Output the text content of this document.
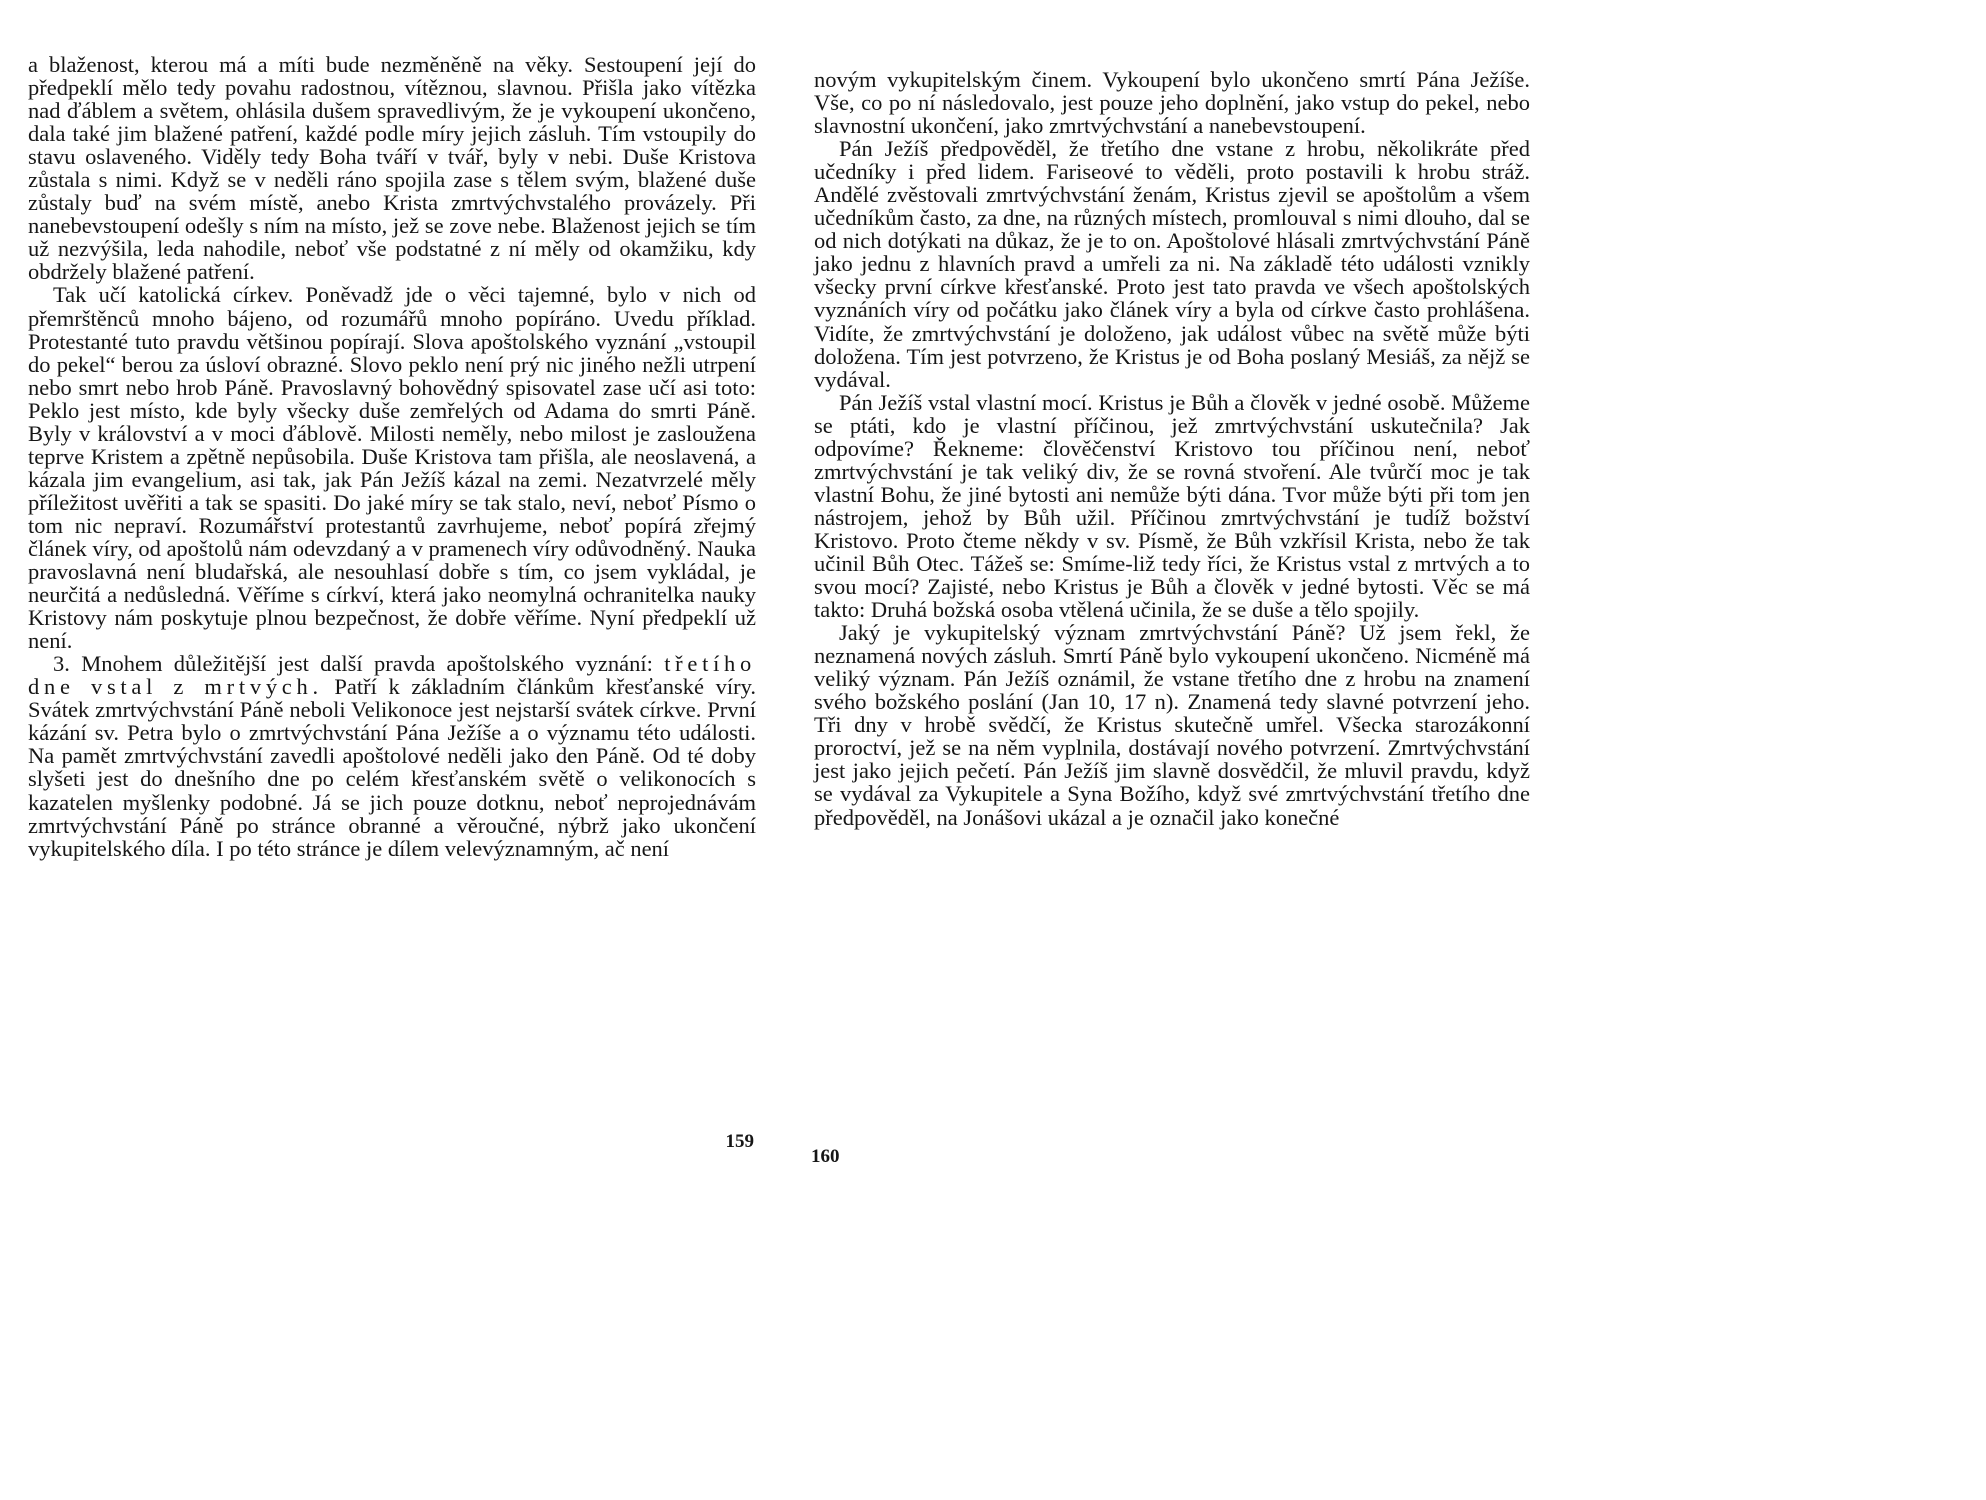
a blaženost, kterou má a míti bude nezměněně na věky. Sestoupení její do předpeklí mělo tedy povahu radostnou, vítěznou, slavnou. Přišla jako vítězka nad ďáblem a světem, ohlásila dušem spravedlivým, že je vykoupení ukončeno, dala také jim blažené patření, každé podle míry jejich zásluh. Tím vstoupily do stavu oslaveného. Viděly tedy Boha tváří v tvář, byly v nebi. Duše Kristova zůstala s nimi. Když se v neděli ráno spojila zase s tělem svým, blažené duše zůstaly buď na svém místě, anebo Krista zmrtvýchvstalého provázely. Při nanebevstoupení odešly s ním na místo, jež se zove nebe. Blaženost jejich se tím už nezvýšila, leda nahodile, neboť vše podstatné z ní měly od okamžiku, kdy obdržely blažené patření.

Tak učí katolická církev. Poněvadž jde o věci tajemné, bylo v nich od přemrštěnců mnoho bájeno, od rozumářů mnoho popíráno. Uvedu příklad. Protestanté tuto pravdu většinou popírají. Slova apoštolského vyznání „vstoupil do pekel“ berou za úsloví obrazné. Slovo peklo není prý nic jiného nežli utrpení nebo smrt nebo hrob Páně. Pravoslavný bohovědný spisovatel zase učí asi toto: Peklo jest místo, kde byly všecky duše zemřelých od Adama do smrti Páně. Byly v království a v moci ďáblově. Milosti neměly, nebo milost je zasloužena teprve Kristem a zpětně nepůsobila. Duše Kristova tam přišla, ale neoslavená, a kázala jim evangelium, asi tak, jak Pán Ježíš kázal na zemi. Nezatvrzelé měly příležitost uvěřiti a tak se spasiti. Do jaké míry se tak stalo, neví, neboť Písmo o tom nic nepraví. Rozumářství protestantů zavrhujeme, neboť popírá zřejmý článek víry, od apoštolů nám odevzdaný a v pramenech víry odůvodněný. Nauka pravoslavná není bludařská, ale nesouhlasí dobře s tím, co jsem vykládal, je neurčitá a nedůsledná. Věříme s církví, která jako neomylná ochranitelka nauky Kristovy nám poskytuje plnou bezpečnost, že dobře věříme. Nyní předpeklí už není.

3. Mnohem důležitější jest další pravda apoštolského vyznání: třetího dne vstal z mrtvých. Patří k základním článkům křesťanské víry. Svátek zmrtvýchvstání Páně neboli Velikonoce jest nejstarší svátek církve. První kázání sv. Petra bylo o zmrtvýchvstání Pána Ježíše a o významu této události. Na pamět zmrtvýchvstání zavedli apoštolové neděli jako den Páně. Od té doby slyšeti jest do dnešního dne po celém křesťanském světě o velikonocích s kazatelen myšlenky podobné. Já se jich pouze dotknu, neboť neprojednávám zmrtvýchvstání Páně po stránce obranné a věroučné, nýbrž jako ukončení vykupitelského díla. I po této stránce je dílem velevýznamným, ač není

159

novým vykupitelským činem. Vykoupení bylo ukončeno smrtí Pána Ježíše. Vše, co po ní následovalo, jest pouze jeho doplnění, jako vstup do pekel, nebo slavnostní ukončení, jako zmrtvýchvstání a nanebevstoupení.

Pán Ježíš předpověděl, že třetího dne vstane z hrobu, několikráte před učedníky i před lidem. Fariseové to věděli, proto postavili k hrobu stráž. Andělé zvěstovali zmrtvýchvstání ženám, Kristus zjevil se apoštolům a všem učedníkům často, za dne, na různých místech, promlouval s nimi dlouho, dal se od nich dotýkati na důkaz, že je to on. Apoštolové hlásali zmrtvýchvstání Páně jako jednu z hlavních pravd a umřeli za ni. Na základě této události vznikly všecky první církve křesťanské. Proto jest tato pravda ve všech apoštolských vyznáních víry od počátku jako článek víry a byla od církve často prohlášena. Vidíte, že zmrtvýchvstání je doloženo, jak událost vůbec na světě může býti doložena. Tím jest potvrzeno, že Kristus je od Boha poslaný Mesiáš, za nějž se vydával.

Pán Ježíš vstal vlastní mocí. Kristus je Bůh a člověk v jedné osobě. Můžeme se ptáti, kdo je vlastní příčinou, jež zmrtvýchvstání uskutečnila? Jak odpovíme? Řekneme: člověčenství Kristovo tou příčinou není, neboť zmrtvýchvstání je tak veliký div, že se rovná stvoření. Ale tvůrčí moc je tak vlastní Bohu, že jiné bytosti ani nemůže býti dána. Tvor může býti při tom jen nástrojem, jehož by Bůh užil. Příčinou zmrtvýchvstání je tudíž božství Kristovo. Proto čteme někdy v sv. Písmě, že Bůh vzkřísil Krista, nebo že tak učinil Bůh Otec. Tážeš se: Smíme-liž tedy říci, že Kristus vstal z mrtvých a to svou mocí? Zajisté, nebo Kristus je Bůh a člověk v jedné bytosti. Věc se má takto: Druhá božská osoba vtělená učinila, že se duše a tělo spojily.

Jaký je vykupitelský význam zmrtvýchvstání Páně? Už jsem řekl, že neznamená nových zásluh. Smrtí Páně bylo vykoupení ukončeno. Nicméně má veliký význam. Pán Ježíš oznámil, že vstane třetího dne z hrobu na znamení svého božského poslání (Jan 10, 17 n). Znamená tedy slavné potvrzení jeho. Tři dny v hrobě svědčí, že Kristus skutečně umřel. Všecka starozákonní proroctví, jež se na něm vyplnila, dostávají nového potvrzení. Zmrtvýchvstání jest jako jejich pečetí. Pán Ježíš jim slavně dosvědčil, že mluvil pravdu, když se vydával za Vykupitele a Syna Božího, když své zmrtvýchvstání třetího dne předpověděl, na Jonášovi ukázal a je označil jako konečné

160
